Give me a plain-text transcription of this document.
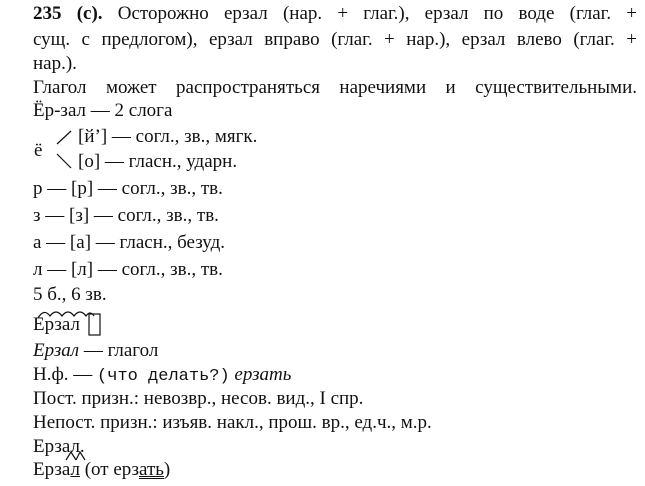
235 (с). Осторожно ерзал (нар. + глаг.), ерзал по воде (глаг. +
сущ. с предлогом), ерзал вправо (глаг. + нар.), ерзал влево (глаг. +
нар.).
Глагол может распространяться наречиями и существительными.
Ёр-зал — 2 слога
ё
[й’] — согл., зв., мягк.
[о] — гласн., ударн.
р — [р] — согл., зв., тв.
з — [з] — согл., зв., тв.
а — [а] — гласн., безуд.
л — [л] — согл., зв., тв.
5 б., 6 зв.
Ерзал
Ерзал — глагол
Н.ф. — (что делать?) ерзать
Пост. призн.: невозвр., несов. вид., I спр.
Непост. призн.: изъяв. накл., прош. вр., ед.ч., м.р.
Ерзал.
Ерзал (от ерзать)
